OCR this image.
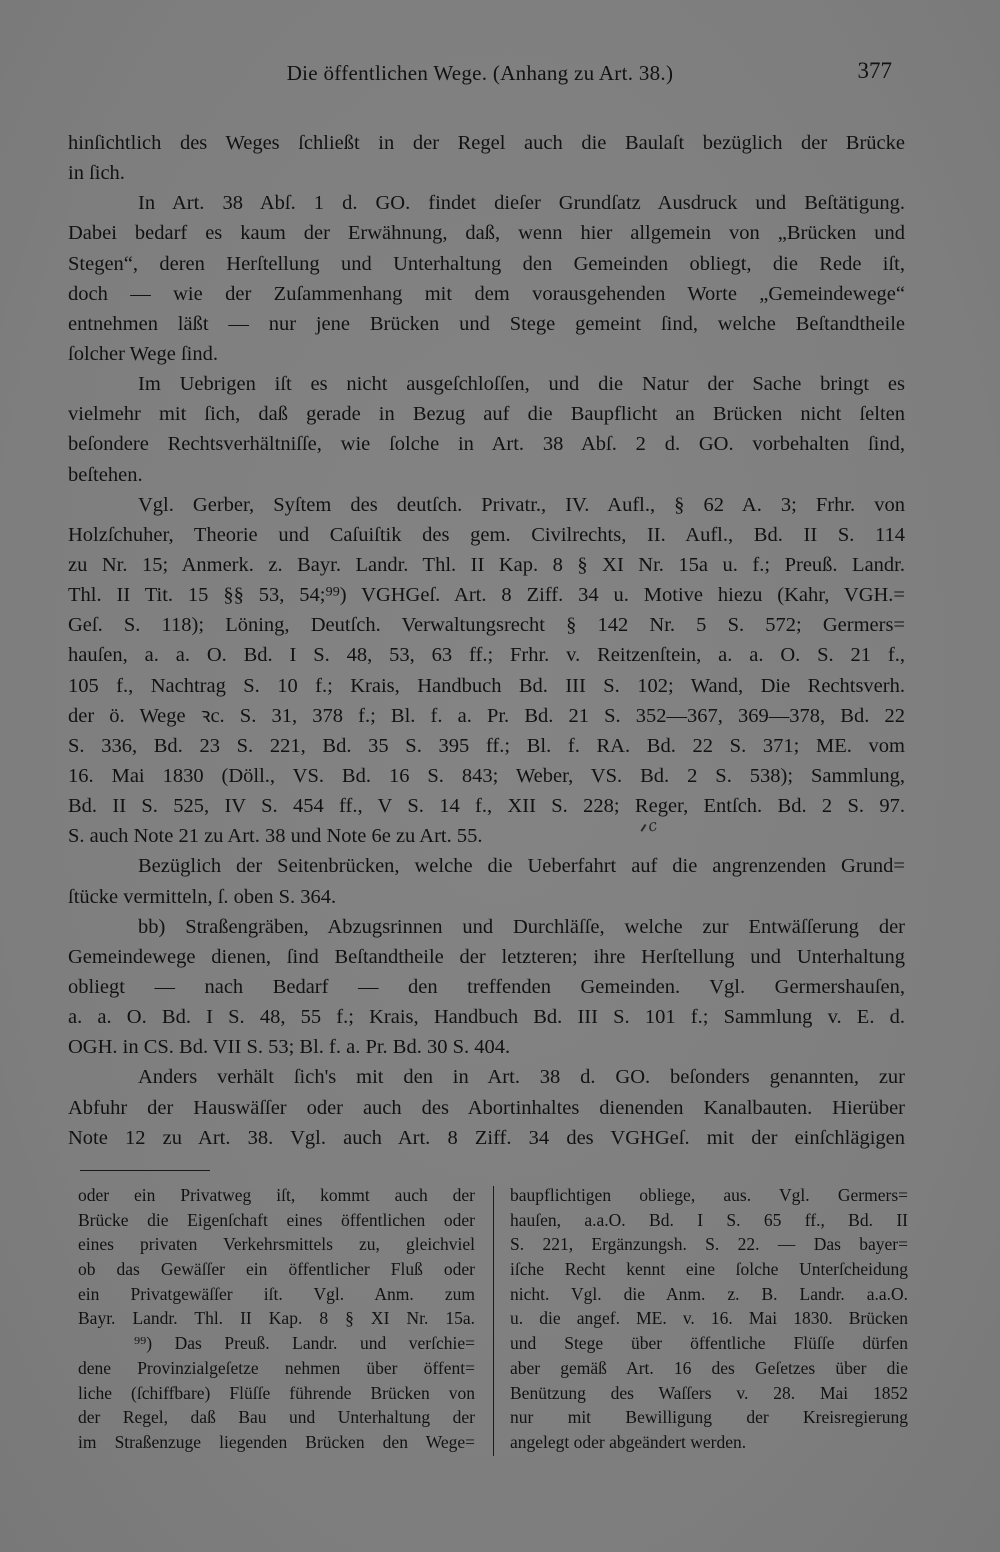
Die öffentlichen Wege. (Anhang zu Art. 38.)	377
hinſichtlich des Weges ſchließt in der Regel auch die Baulaſt bezüglich der Brücke
in ſich.
In Art. 38 Abſ. 1 d. GO. findet dieſer Grundſatz Ausdruck und Beſtätigung.
Dabei bedarf es kaum der Erwähnung, daß, wenn hier allgemein von „Brücken und
Stegen“, deren Herſtellung und Unterhaltung den Gemeinden obliegt, die Rede iſt,
doch — wie der Zuſammenhang mit dem vorausgehenden Worte „Gemeindewege“
entnehmen läßt — nur jene Brücken und Stege gemeint ſind, welche Beſtandtheile
ſolcher Wege ſind.
Im Uebrigen iſt es nicht ausgeſchloſſen, und die Natur der Sache bringt es
vielmehr mit ſich, daß gerade in Bezug auf die Baupflicht an Brücken nicht ſelten
beſondere Rechtsverhältniſſe, wie ſolche in Art. 38 Abſ. 2 d. GO. vorbehalten ſind,
beſtehen.
Vgl. Gerber, Syſtem des deutſch. Privatr., IV. Aufl., § 62 A. 3; Frhr. von
Holzſchuher, Theorie und Caſuiſtik des gem. Civilrechts, II. Aufl., Bd. II S. 114
zu Nr. 15; Anmerk. z. Bayr. Landr. Thl. II Kap. 8 § XI Nr. 15a u. f.; Preuß. Landr.
Thl. II Tit. 15 §§ 53, 54;⁹⁹) VGHGeſ. Art. 8 Ziff. 34 u. Motive hiezu (Kahr, VGH.=
Geſ. S. 118); Löning, Deutſch. Verwaltungsrecht § 142 Nr. 5 S. 572; Germers=
hauſen, a. a. O. Bd. I S. 48, 53, 63 ff.; Frhr. v. Reitzenſtein, a. a. O. S. 21 f.,
105 f., Nachtrag S. 10 f.; Krais, Handbuch Bd. III S. 102; Wand, Die Rechtsverh.
der ö. Wege ꝛc. S. 31, 378 f.; Bl. f. a. Pr. Bd. 21 S. 352—367, 369—378, Bd. 22
S. 336, Bd. 23 S. 221, Bd. 35 S. 395 ff.; Bl. f. RA. Bd. 22 S. 371; ME. vom
16. Mai 1830 (Döll., VS. Bd. 16 S. 843; Weber, VS. Bd. 2 S. 538); Sammlung,
Bd. II S. 525, IV S. 454 ff., V S. 14 f., XII S. 228; Reger, Entſch. Bd. 2 S. 97.
S. auch Note 21 zu Art. 38 und Note 6e zu Art. 55.
Bezüglich der Seitenbrücken, welche die Ueberfahrt auf die angrenzenden Grund=
ſtücke vermitteln, ſ. oben S. 364.
bb) Straßengräben, Abzugsrinnen und Durchläſſe, welche zur Entwäſſerung der
Gemeindewege dienen, ſind Beſtandtheile der letzteren; ihre Herſtellung und Unterhaltung
obliegt — nach Bedarf — den treffenden Gemeinden. Vgl. Germershauſen,
a. a. O. Bd. I S. 48, 55 f.; Krais, Handbuch Bd. III S. 101 f.; Sammlung v. E. d.
OGH. in CS. Bd. VII S. 53; Bl. f. a. Pr. Bd. 30 S. 404.
Anders verhält ſich's mit den in Art. 38 d. GO. beſonders genannten, zur
Abfuhr der Hauswäſſer oder auch des Abortinhaltes dienenden Kanalbauten. Hierüber
Note 12 zu Art. 38. Vgl. auch Art. 8 Ziff. 34 des VGHGeſ. mit der einſchlägigen
c
oder ein Privatweg iſt, kommt auch der
Brücke die Eigenſchaft eines öffentlichen oder
eines privaten Verkehrsmittels zu, gleichviel
ob das Gewäſſer ein öffentlicher Fluß oder
ein Privatgewäſſer iſt. Vgl. Anm. zum
Bayr. Landr. Thl. II Kap. 8 § XI Nr. 15a.
⁹⁹) Das Preuß. Landr. und verſchie=
dene Provinzialgeſetze nehmen über öffent=
liche (ſchiffbare) Flüſſe führende Brücken von
der Regel, daß Bau und Unterhaltung der
im Straßenzuge liegenden Brücken den Wege=
baupflichtigen obliege, aus. Vgl. Germers=
hauſen, a.a.O. Bd. I S. 65 ff., Bd. II
S. 221, Ergänzungsh. S. 22. — Das bayer=
iſche Recht kennt eine ſolche Unterſcheidung
nicht. Vgl. die Anm. z. B. Landr. a.a.O.
u. die angef. ME. v. 16. Mai 1830. Brücken
und Stege über öffentliche Flüſſe dürfen
aber gemäß Art. 16 des Geſetzes über die
Benützung des Waſſers v. 28. Mai 1852
nur mit Bewilligung der Kreisregierung
angelegt oder abgeändert werden.
